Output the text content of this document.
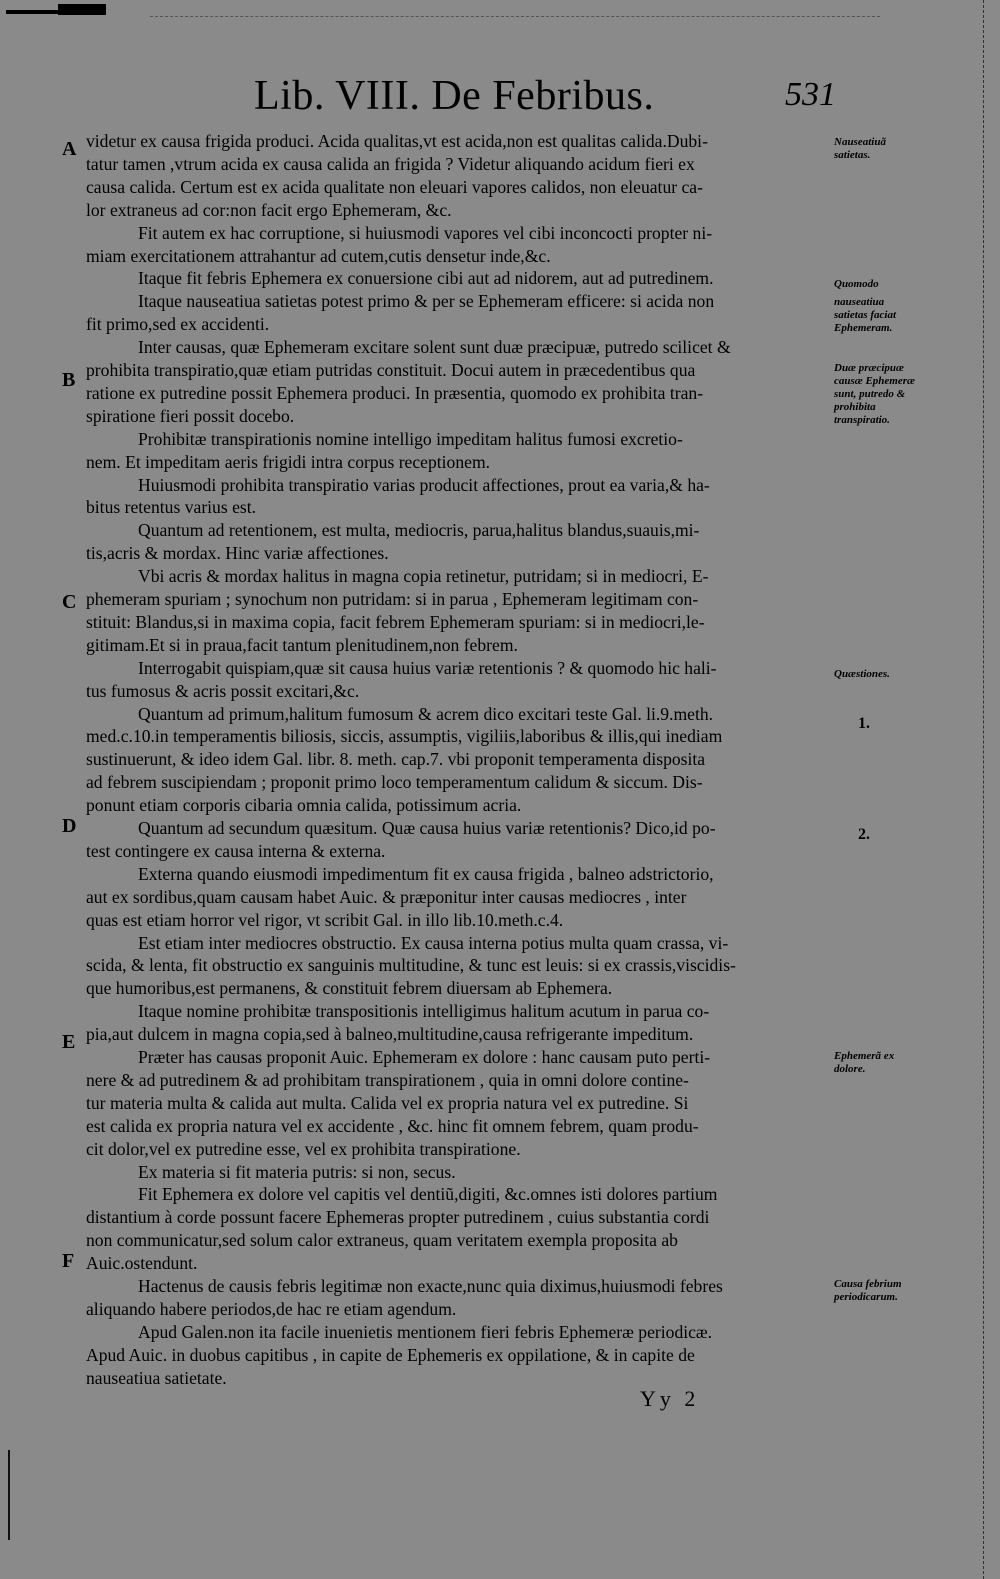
Lib. VIII. De Febribus.	531
A
B
C
D
E
F
videtur ex causa frigida produci. Acida qualitas,vt est acida,non est qualitas calida.Dubi-
tatur tamen ,vtrum acida ex causa calida an frigida ? Videtur aliquando acidum fieri ex
causa calida. Certum est ex acida qualitate non eleuari vapores calidos, non eleuatur ca-
lor extraneus ad cor:non facit ergo Ephemeram, &c.
Fit autem ex hac corruptione, si huiusmodi vapores vel cibi inconcocti propter ni-
miam exercitationem attrahantur ad cutem,cutis densetur inde,&c.
Itaque fit febris Ephemera ex conuersione cibi aut ad nidorem, aut ad putredinem.
Itaque nauseatiua satietas potest primo & per se Ephemeram efficere: si acida non
fit primo,sed ex accidenti.
Inter causas, quæ Ephemeram excitare solent sunt duæ præcipuæ, putredo scilicet &
prohibita transpiratio,quæ etiam putridas constituit. Docui autem in præcedentibus qua
ratione ex putredine possit Ephemera produci. In præsentia, quomodo ex prohibita tran-
spiratione fieri possit docebo.
Prohibitæ transpirationis nomine intelligo impeditam halitus fumosi excretio-
nem. Et impeditam aeris frigidi intra corpus receptionem.
Huiusmodi prohibita transpiratio varias producit affectiones, prout ea varia,& ha-
bitus retentus varius est.
Quantum ad retentionem, est multa, mediocris, parua,halitus blandus,suauis,mi-
tis,acris & mordax. Hinc variæ affectiones.
Vbi acris & mordax halitus in magna copia retinetur, putridam; si in mediocri, E-
phemeram spuriam ; synochum non putridam: si in parua , Ephemeram legitimam con-
stituit: Blandus,si in maxima copia, facit febrem Ephemeram spuriam: si in mediocri,le-
gitimam.Et si in praua,facit tantum plenitudinem,non febrem.
Interrogabit quispiam,quæ sit causa huius variæ retentionis ? & quomodo hic hali-
tus fumosus & acris possit excitari,&c.
Quantum ad primum,halitum fumosum & acrem dico excitari teste Gal. li.9.meth.
med.c.10.in temperamentis biliosis, siccis, assumptis, vigiliis,laboribus & illis,qui inediam
sustinuerunt, & ideo idem Gal. libr. 8. meth. cap.7. vbi proponit temperamenta disposita
ad febrem suscipiendam ; proponit primo loco temperamentum calidum & siccum. Dis-
ponunt etiam corporis cibaria omnia calida, potissimum acria.
Quantum ad secundum quæsitum. Quæ causa huius variæ retentionis? Dico,id po-
test contingere ex causa interna & externa.
Externa quando eiusmodi impedimentum fit ex causa frigida , balneo adstrictorio,
aut ex sordibus,quam causam habet Auic. & præponitur inter causas mediocres , inter
quas est etiam horror vel rigor, vt scribit Gal. in illo lib.10.meth.c.4.
Est etiam inter mediocres obstructio. Ex causa interna potius multa quam crassa, vi-
scida, & lenta, fit obstructio ex sanguinis multitudine, & tunc est leuis: si ex crassis,viscidis-
que humoribus,est permanens, & constituit febrem diuersam ab Ephemera.
Itaque nomine prohibitæ transpositionis intelligimus halitum acutum in parua co-
pia,aut dulcem in magna copia,sed à balneo,multitudine,causa refrigerante impeditum.
Præter has causas proponit Auic. Ephemeram ex dolore : hanc causam puto perti-
nere & ad putredinem & ad prohibitam transpirationem , quia in omni dolore contine-
tur materia multa & calida aut multa. Calida vel ex propria natura vel ex putredine. Si
est calida ex propria natura vel ex accidente , &c. hinc fit omnem febrem, quam produ-
cit dolor,vel ex putredine esse, vel ex prohibita transpiratione.
Ex materia si fit materia putris: si non, secus.
Fit Ephemera ex dolore vel capitis vel dentiũ,digiti, &c.omnes isti dolores partium
distantium à corde possunt facere Ephemeras propter putredinem , cuius substantia cordi
non communicatur,sed solum calor extraneus, quam veritatem exempla proposita ab
Auic.ostendunt.
Hactenus de causis febris legitimæ non exacte,nunc quia diximus,huiusmodi febres
aliquando habere periodos,de hac re etiam agendum.
Apud Galen.non ita facile inuenietis mentionem fieri febris Ephemeræ periodicæ.
Apud Auic. in duobus capitibus , in capite de Ephemeris ex oppilatione, & in capite de
nauseatiua satietate.
Nauseatiuã satietas.
Quomodo
nauseatiua satietas faciat Ephemeram.
Duæ præcipuæ causæ Ephemeræ sunt, putredo & prohibita transpiratio.
Quæstiones.
Ephemerã ex dolore.
Causa febrium periodicarum.
1.
2.
Yy 2
